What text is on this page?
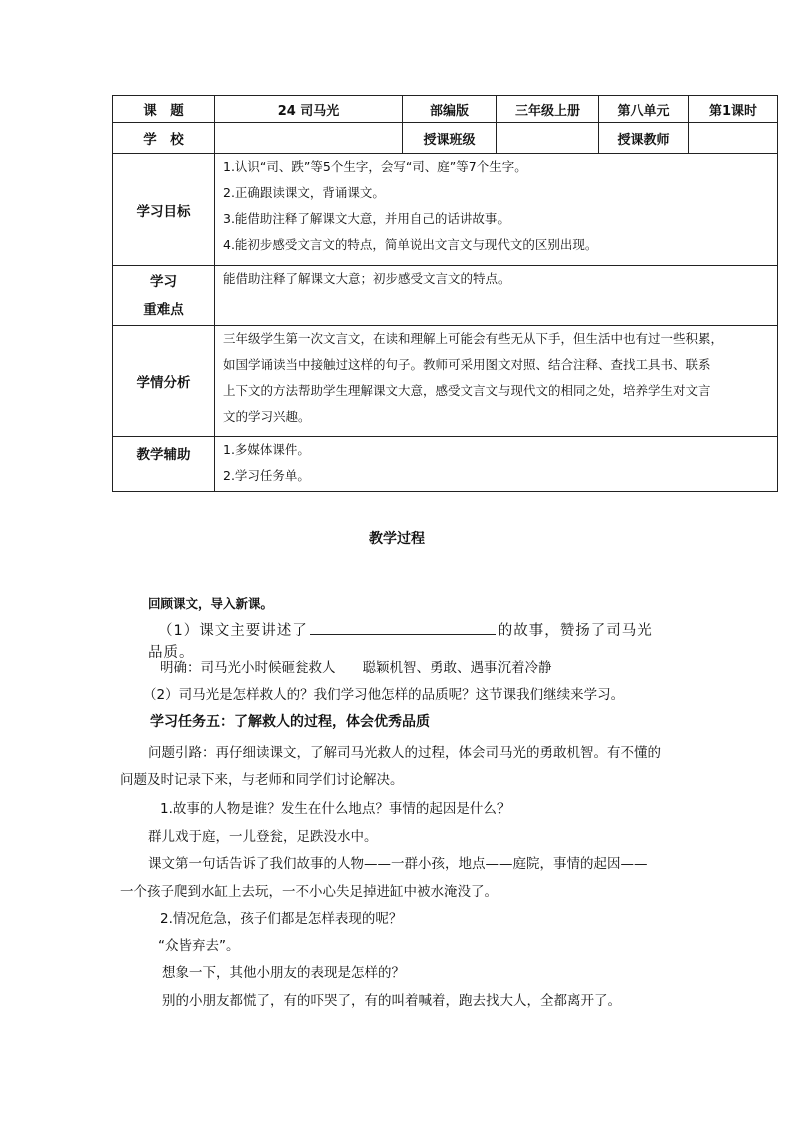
课　题	24 司马光	部编版	三年级上册	第八单元	第1课时
学　校		授课班级		授课教师	
学习目标	1.认识“司、跌”等5个生字，会写“司、庭”等7个生字。

2.正确跟读课文，背诵课文。

3.能借助注释了解课文大意，并用自己的话讲故事。

4.能初步感受文言文的特点，简单说出文言文与现代文的区别出现。				

学习
重难点	能借助注释了解课文大意；初步感受文言文的特点。				
学情分析	三年级学生第一次文言文，在读和理解上可能会有些无从下手，但生活中也有过一些积累，

如国学诵读当中接触过这样的句子。教师可采用图文对照、结合注释、查找工具书、联系

上下文的方法帮助学生理解课文大意，感受文言文与现代文的相同之处，培养学生对文言

文的学习兴趣。				

教学辅助	1.多媒体课件。

2.学习任务单。				

教学过程

回顾课文，导入新课。

（1）课文主要讲述了	的故事，赞扬了司马光

品质。

明确：司马光小时候砸瓮救人　　聪颖机智、勇敢、遇事沉着冷静

（2）司马光是怎样救人的？我们学习他怎样的品质呢？这节课我们继续来学习。

学习任务五：了解救人的过程，体会优秀品质

问题引路：再仔细读课文，了解司马光救人的过程，体会司马光的勇敢机智。有不懂的

问题及时记录下来，与老师和同学们讨论解决。

1.故事的人物是谁？发生在什么地点？事情的起因是什么？

群儿戏于庭，一儿登瓮，足跌没水中。

课文第一句话告诉了我们故事的人物——一群小孩，地点——庭院，事情的起因——

一个孩子爬到水缸上去玩，一不小心失足掉进缸中被水淹没了。

2.情况危急，孩子们都是怎样表现的呢？

“众皆弃去”。

想象一下，其他小朋友的表现是怎样的？

别的小朋友都慌了，有的吓哭了，有的叫着喊着，跑去找大人，全都离开了。
